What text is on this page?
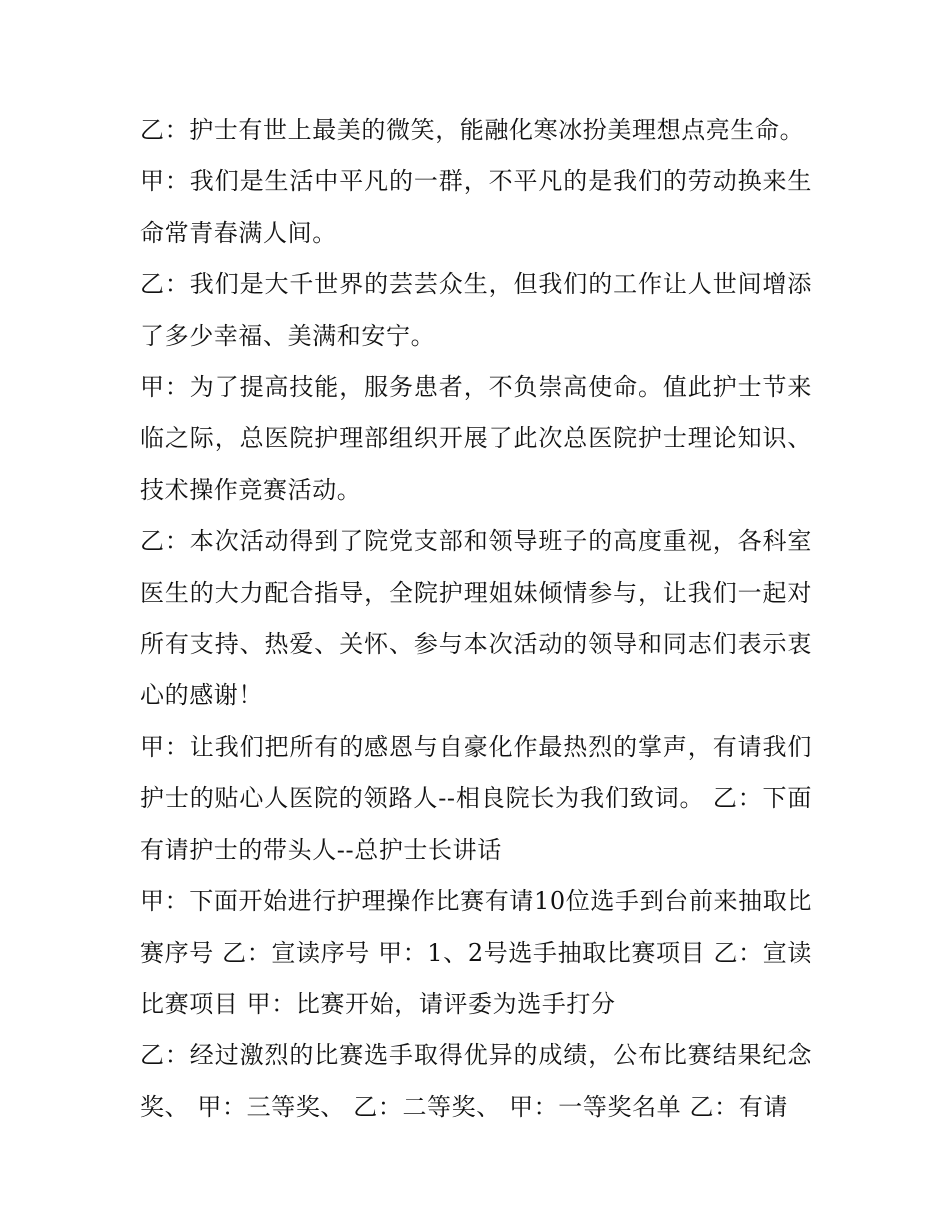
乙：护士有世上最美的微笑，能融化寒冰扮美理想点亮生命。

甲：我们是生活中平凡的一群，不平凡的是我们的劳动换来生命常青春满人间。

乙：我们是大千世界的芸芸众生，但我们的工作让人世间增添了多少幸福、美满和安宁。

甲：为了提高技能，服务患者，不负崇高使命。值此护士节来临之际，总医院护理部组织开展了此次总医院护士理论知识、技术操作竞赛活动。

乙：本次活动得到了院党支部和领导班子的高度重视，各科室医生的大力配合指导，全院护理姐妹倾情参与，让我们一起对所有支持、热爱、关怀、参与本次活动的领导和同志们表示衷心的感谢！

甲：让我们把所有的感恩与自豪化作最热烈的掌声，有请我们护士的贴心人医院的领路人--相良院长为我们致词。 乙：下面有请护士的带头人--总护士长讲话

甲：下面开始进行护理操作比赛有请10位选手到台前来抽取比赛序号 乙：宣读序号 甲：1、2号选手抽取比赛项目 乙：宣读比赛项目 甲：比赛开始，请评委为选手打分

乙：经过激烈的比赛选手取得优异的成绩，公布比赛结果纪念奖、 甲：三等奖、 乙：二等奖、 甲：一等奖名单 乙：有请
